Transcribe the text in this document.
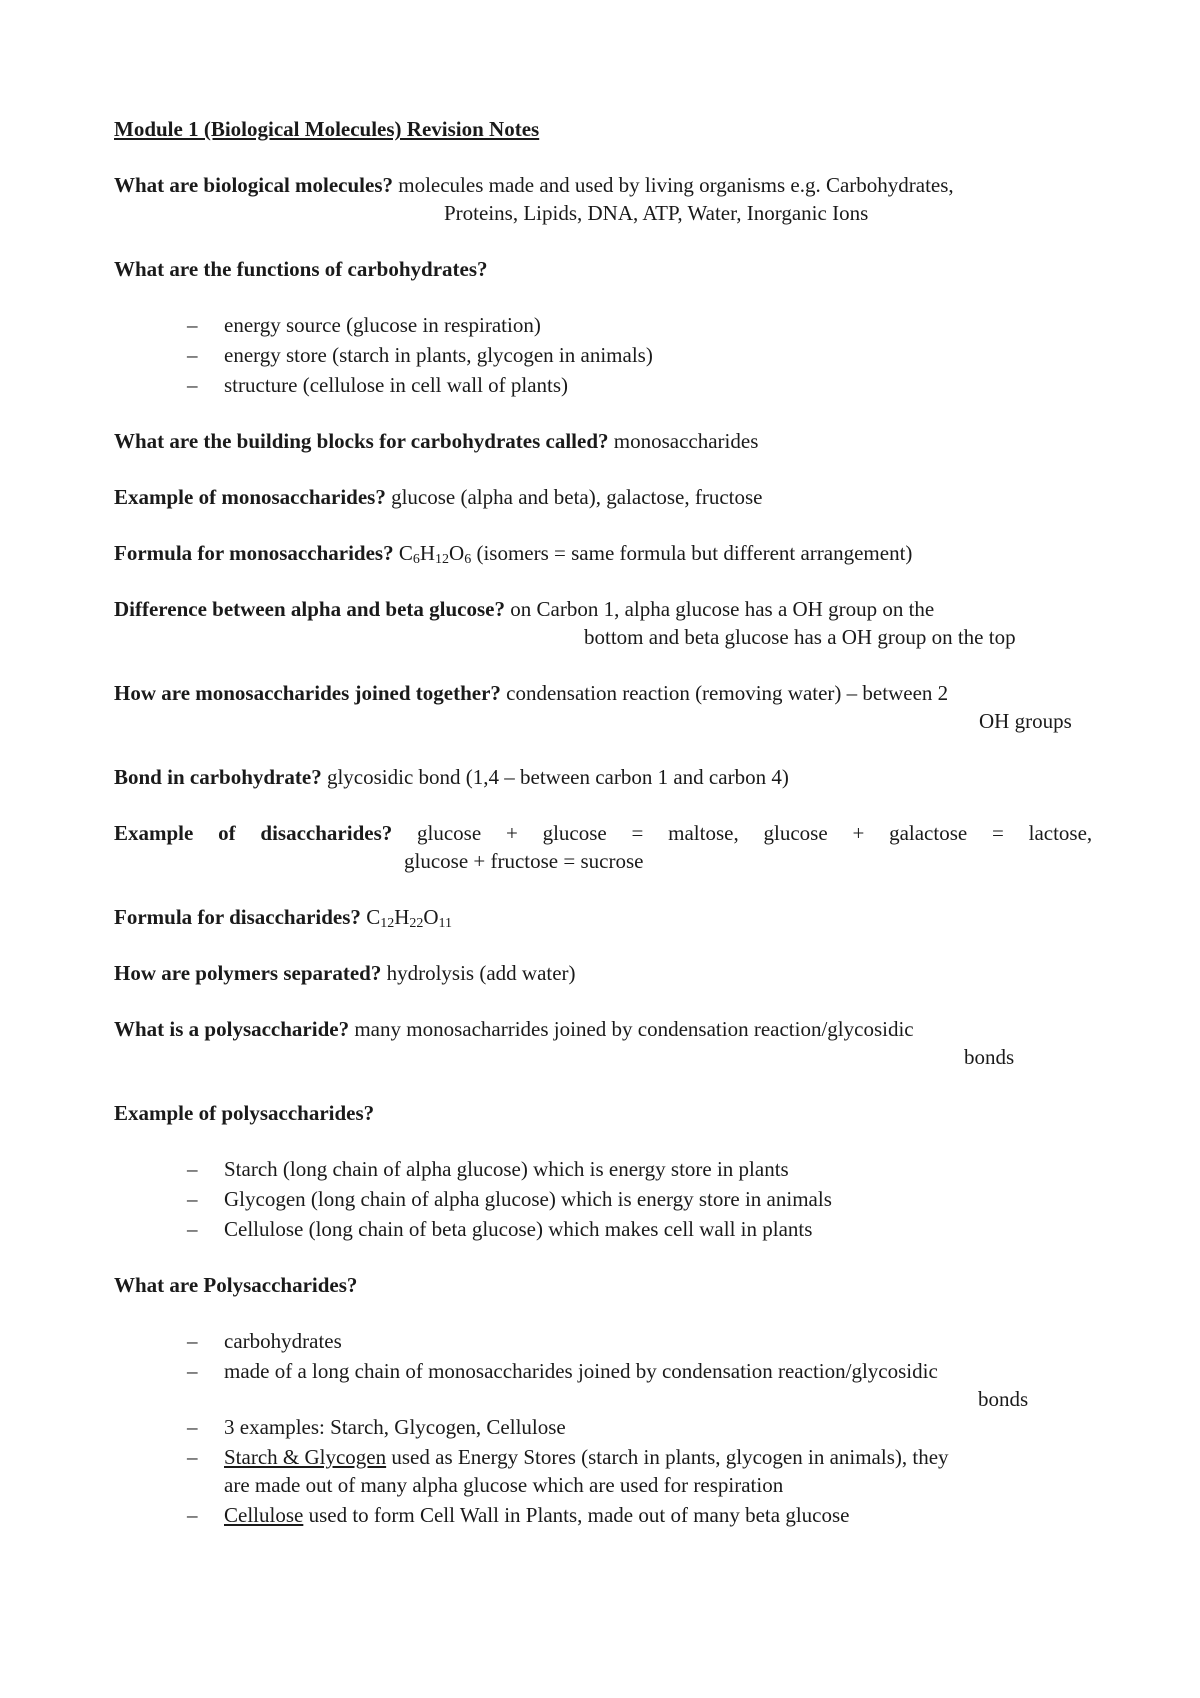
Module 1 (Biological Molecules) Revision Notes
What are biological molecules? molecules made and used by living organisms e.g. Carbohydrates,
Proteins, Lipids, DNA, ATP, Water, Inorganic Ions
What are the functions of carbohydrates?
– energy source (glucose in respiration)
– energy store (starch in plants, glycogen in animals)
– structure (cellulose in cell wall of plants)
What are the building blocks for carbohydrates called? monosaccharides
Example of monosaccharides? glucose (alpha and beta), galactose, fructose
Formula for monosaccharides? $C_6H_{12}O_6$ (isomers = same formula but different arrangement)
Difference between alpha and beta glucose? on Carbon 1, alpha glucose has a OH group on the
bottom and beta glucose has a OH group on the top
How are monosaccharides joined together? condensation reaction (removing water) – between 2
OH groups
Bond in carbohydrate? glycosidic bond (1,4 – between carbon 1 and carbon 4)
Example of disaccharides? glucose + glucose = maltose, glucose + galactose = lactose,
glucose + fructose = sucrose
Formula for disaccharides? $C_{12}H_{22}O_{11}$
How are polymers separated? hydrolysis (add water)
What is a polysaccharide? many monosacharrides joined by condensation reaction/glycosidic
bonds
Example of polysaccharides?
– Starch (long chain of alpha glucose) which is energy store in plants
– Glycogen (long chain of alpha glucose) which is energy store in animals
– Cellulose (long chain of beta glucose) which makes cell wall in plants
What are Polysaccharides?
– carbohydrates
– made of a long chain of monosaccharides joined by condensation reaction/glycosidic
bonds
– 3 examples: Starch, Glycogen, Cellulose
– Starch & Glycogen used as Energy Stores (starch in plants, glycogen in animals), they
are made out of many alpha glucose which are used for respiration
– Cellulose used to form Cell Wall in Plants, made out of many beta glucose
